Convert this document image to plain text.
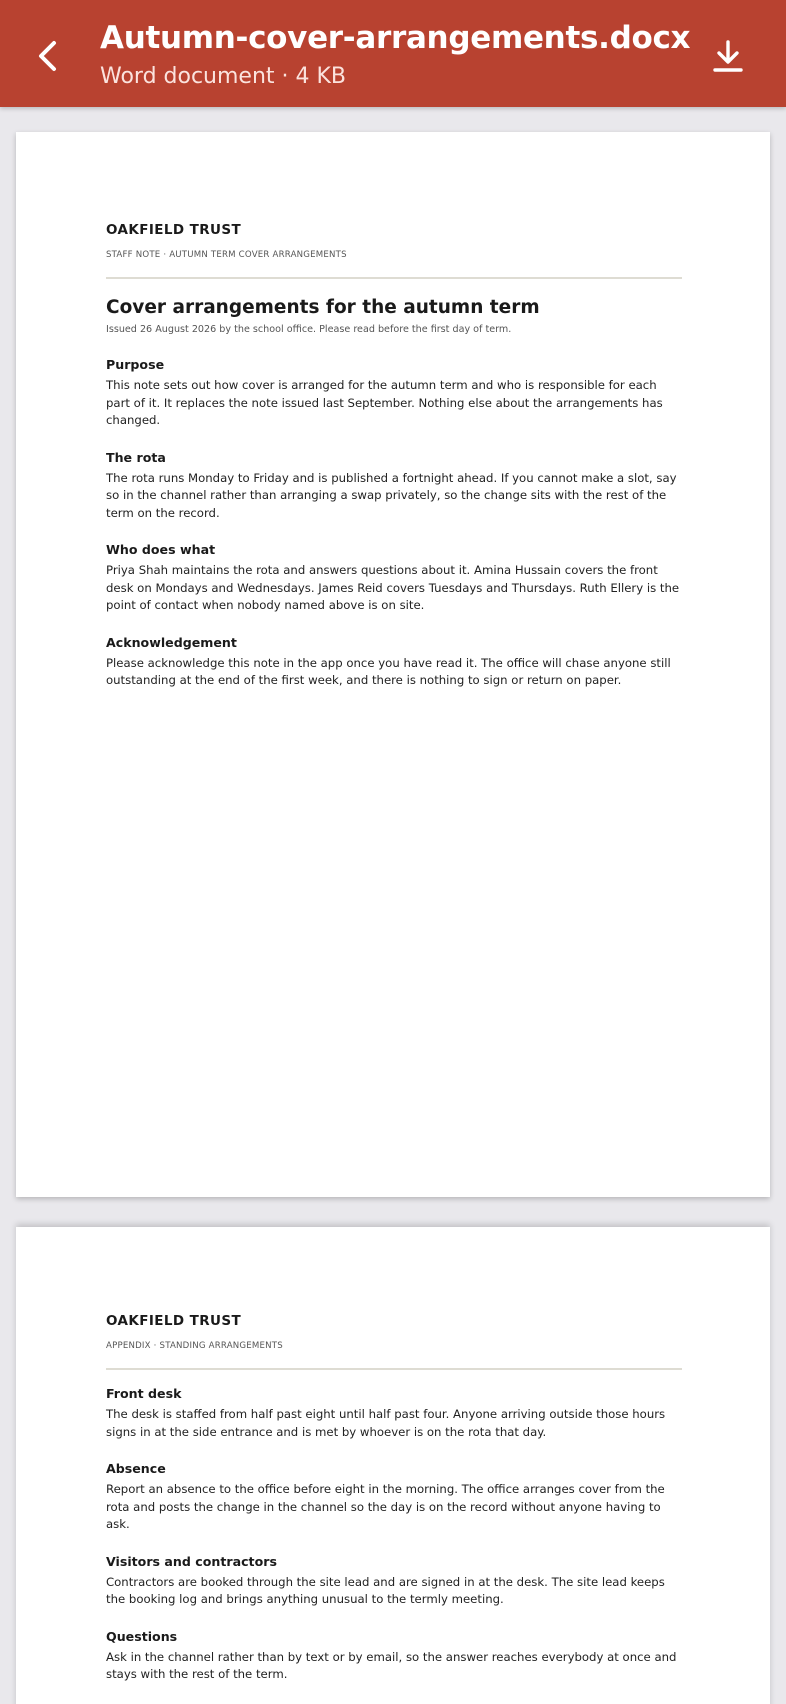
Autumn-cover-arrangements.docx
Word document · 4 KB
OAKFIELD TRUST
STAFF NOTE · AUTUMN TERM COVER ARRANGEMENTS
Cover arrangements for the autumn term
Issued 26 August 2026 by the school office. Please read before the first day of term.
Purpose
This note sets out how cover is arranged for the autumn term and who is responsible for each part of it. It replaces the note issued last September. Nothing else about the arrangements has changed.
The rota
The rota runs Monday to Friday and is published a fortnight ahead. If you cannot make a slot, say so in the channel rather than arranging a swap privately, so the change sits with the rest of the term on the record.
Who does what
Priya Shah maintains the rota and answers questions about it. Amina Hussain covers the front desk on Mondays and Wednesdays. James Reid covers Tuesdays and Thursdays. Ruth Ellery is the point of contact when nobody named above is on site.
Acknowledgement
Please acknowledge this note in the app once you have read it. The office will chase anyone still outstanding at the end of the first week, and there is nothing to sign or return on paper.
OAKFIELD TRUST
APPENDIX · STANDING ARRANGEMENTS
Front desk
The desk is staffed from half past eight until half past four. Anyone arriving outside those hours signs in at the side entrance and is met by whoever is on the rota that day.
Absence
Report an absence to the office before eight in the morning. The office arranges cover from the rota and posts the change in the channel so the day is on the record without anyone having to ask.
Visitors and contractors
Contractors are booked through the site lead and are signed in at the desk. The site lead keeps the booking log and brings anything unusual to the termly meeting.
Questions
Ask in the channel rather than by text or by email, so the answer reaches everybody at once and stays with the rest of the term.
